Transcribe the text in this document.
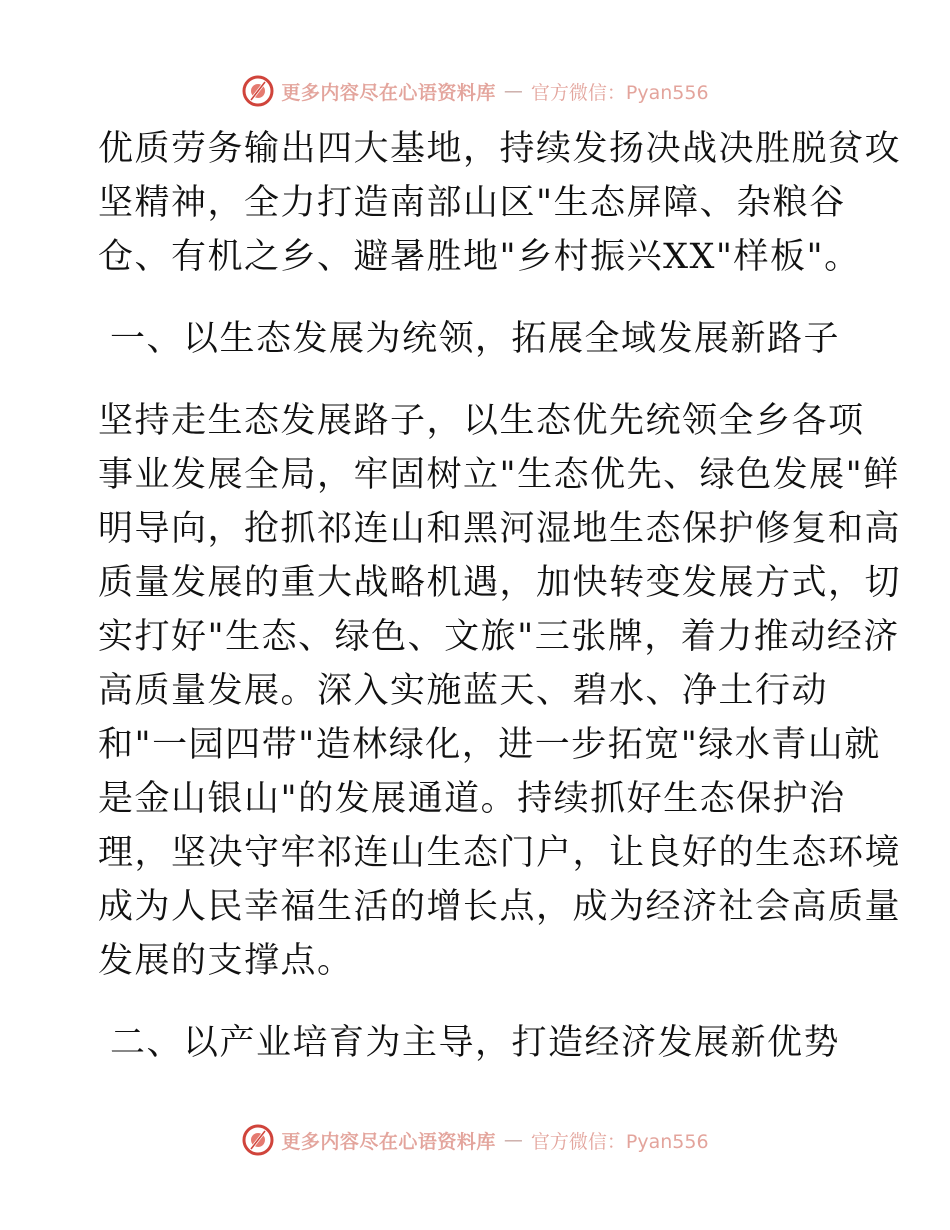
更多内容尽在心语资料库 — 官方微信：Pyan556
优质劳务输出四大基地，持续发扬决战决胜脱贫攻
坚精神，全力打造南部山区"生态屏障、杂粮谷
仓、有机之乡、避暑胜地"乡村振兴XX"样板"。
一、以生态发展为统领，拓展全域发展新路子
坚持走生态发展路子，以生态优先统领全乡各项
事业发展全局，牢固树立"生态优先、绿色发展"鲜
明导向，抢抓祁连山和黑河湿地生态保护修复和高
质量发展的重大战略机遇，加快转变发展方式，切
实打好"生态、绿色、文旅"三张牌，着力推动经济
高质量发展。深入实施蓝天、碧水、净土行动
和"一园四带"造林绿化，进一步拓宽"绿水青山就
是金山银山"的发展通道。持续抓好生态保护治
理，坚决守牢祁连山生态门户，让良好的生态环境
成为人民幸福生活的增长点，成为经济社会高质量
发展的支撑点。
二、以产业培育为主导，打造经济发展新优势
更多内容尽在心语资料库 — 官方微信：Pyan556
